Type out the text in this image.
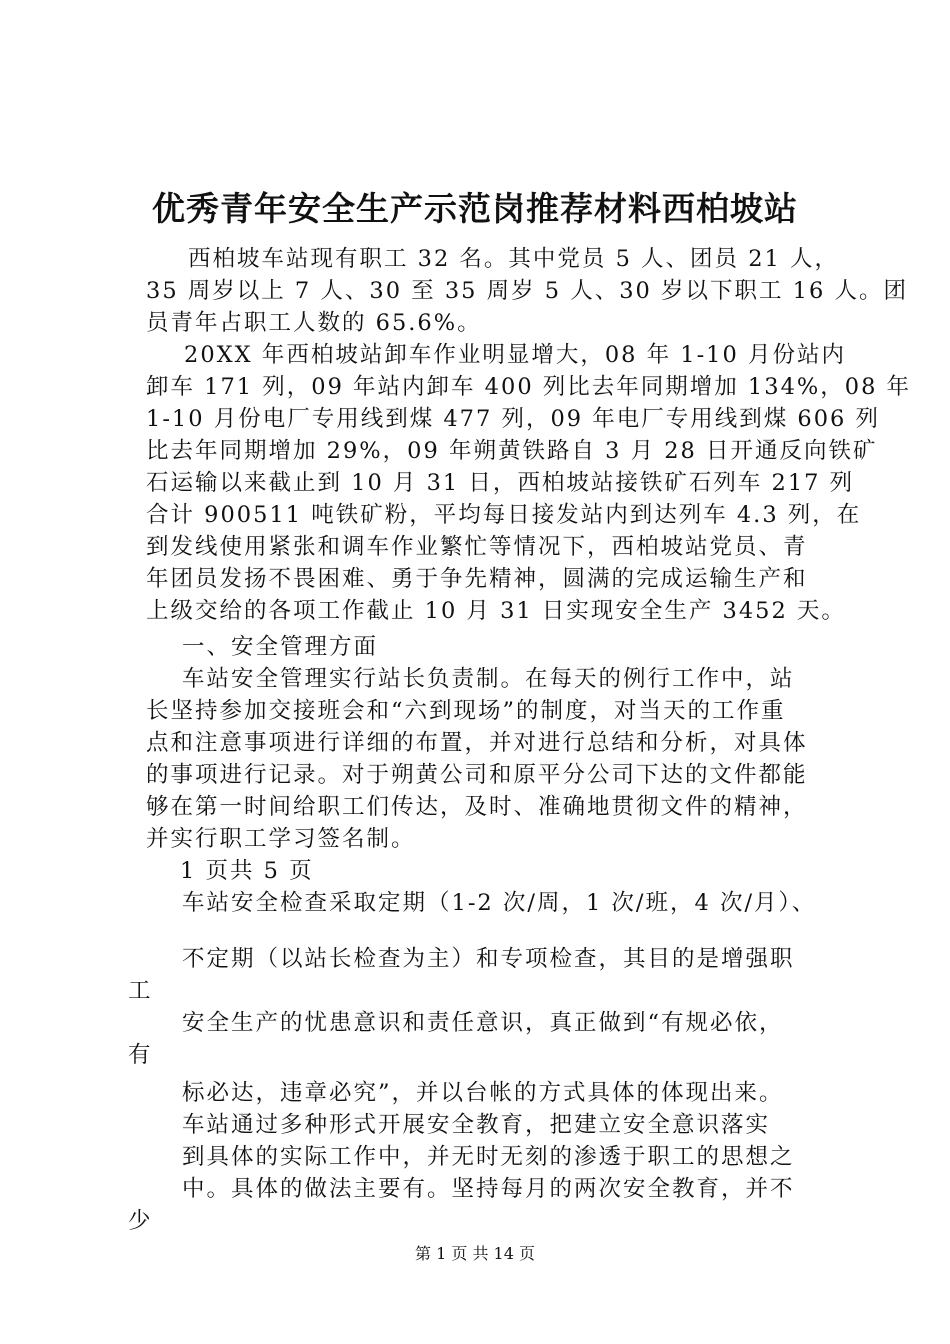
优秀青年安全生产示范岗推荐材料西柏坡站
西柏坡车站现有职工 32 名。其中党员 5 人、团员 21 人，
35 周岁以上 7 人、30 至 35 周岁 5 人、30 岁以下职工 16 人。团
员青年占职工人数的 65.6%。
20XX 年西柏坡站卸车作业明显增大，08 年 1-10 月份站内
卸车 171 列，09 年站内卸车 400 列比去年同期增加 134%，08 年
1-10 月份电厂专用线到煤 477 列，09 年电厂专用线到煤 606 列
比去年同期增加 29%，09 年朔黄铁路自 3 月 28 日开通反向铁矿
石运输以来截止到 10 月 31 日，西柏坡站接铁矿石列车 217 列
合计 900511 吨铁矿粉，平均每日接发站内到达列车 4.3 列，在
到发线使用紧张和调车作业繁忙等情况下，西柏坡站党员、青
年团员发扬不畏困难、勇于争先精神，圆满的完成运输生产和
上级交给的各项工作截止 10 月 31 日实现安全生产 3452 天。
一、安全管理方面
车站安全管理实行站长负责制。在每天的例行工作中，站
长坚持参加交接班会和“六到现场”的制度，对当天的工作重
点和注意事项进行详细的布置，并对进行总结和分析，对具体
的事项进行记录。对于朔黄公司和原平分公司下达的文件都能
够在第一时间给职工们传达，及时、准确地贯彻文件的精神，
并实行职工学习签名制。
1 页共 5 页
车站安全检查采取定期（1-2 次/周，1 次/班，4 次/月）、
不定期（以站长检查为主）和专项检查，其目的是增强职
工
安全生产的忧患意识和责任意识，真正做到“有规必依，
有
标必达，违章必究”，并以台帐的方式具体的体现出来。
车站通过多种形式开展安全教育，把建立安全意识落实
到具体的实际工作中，并无时无刻的渗透于职工的思想之
中。具体的做法主要有。坚持每月的两次安全教育，并不
少
第 1 页 共 14 页
